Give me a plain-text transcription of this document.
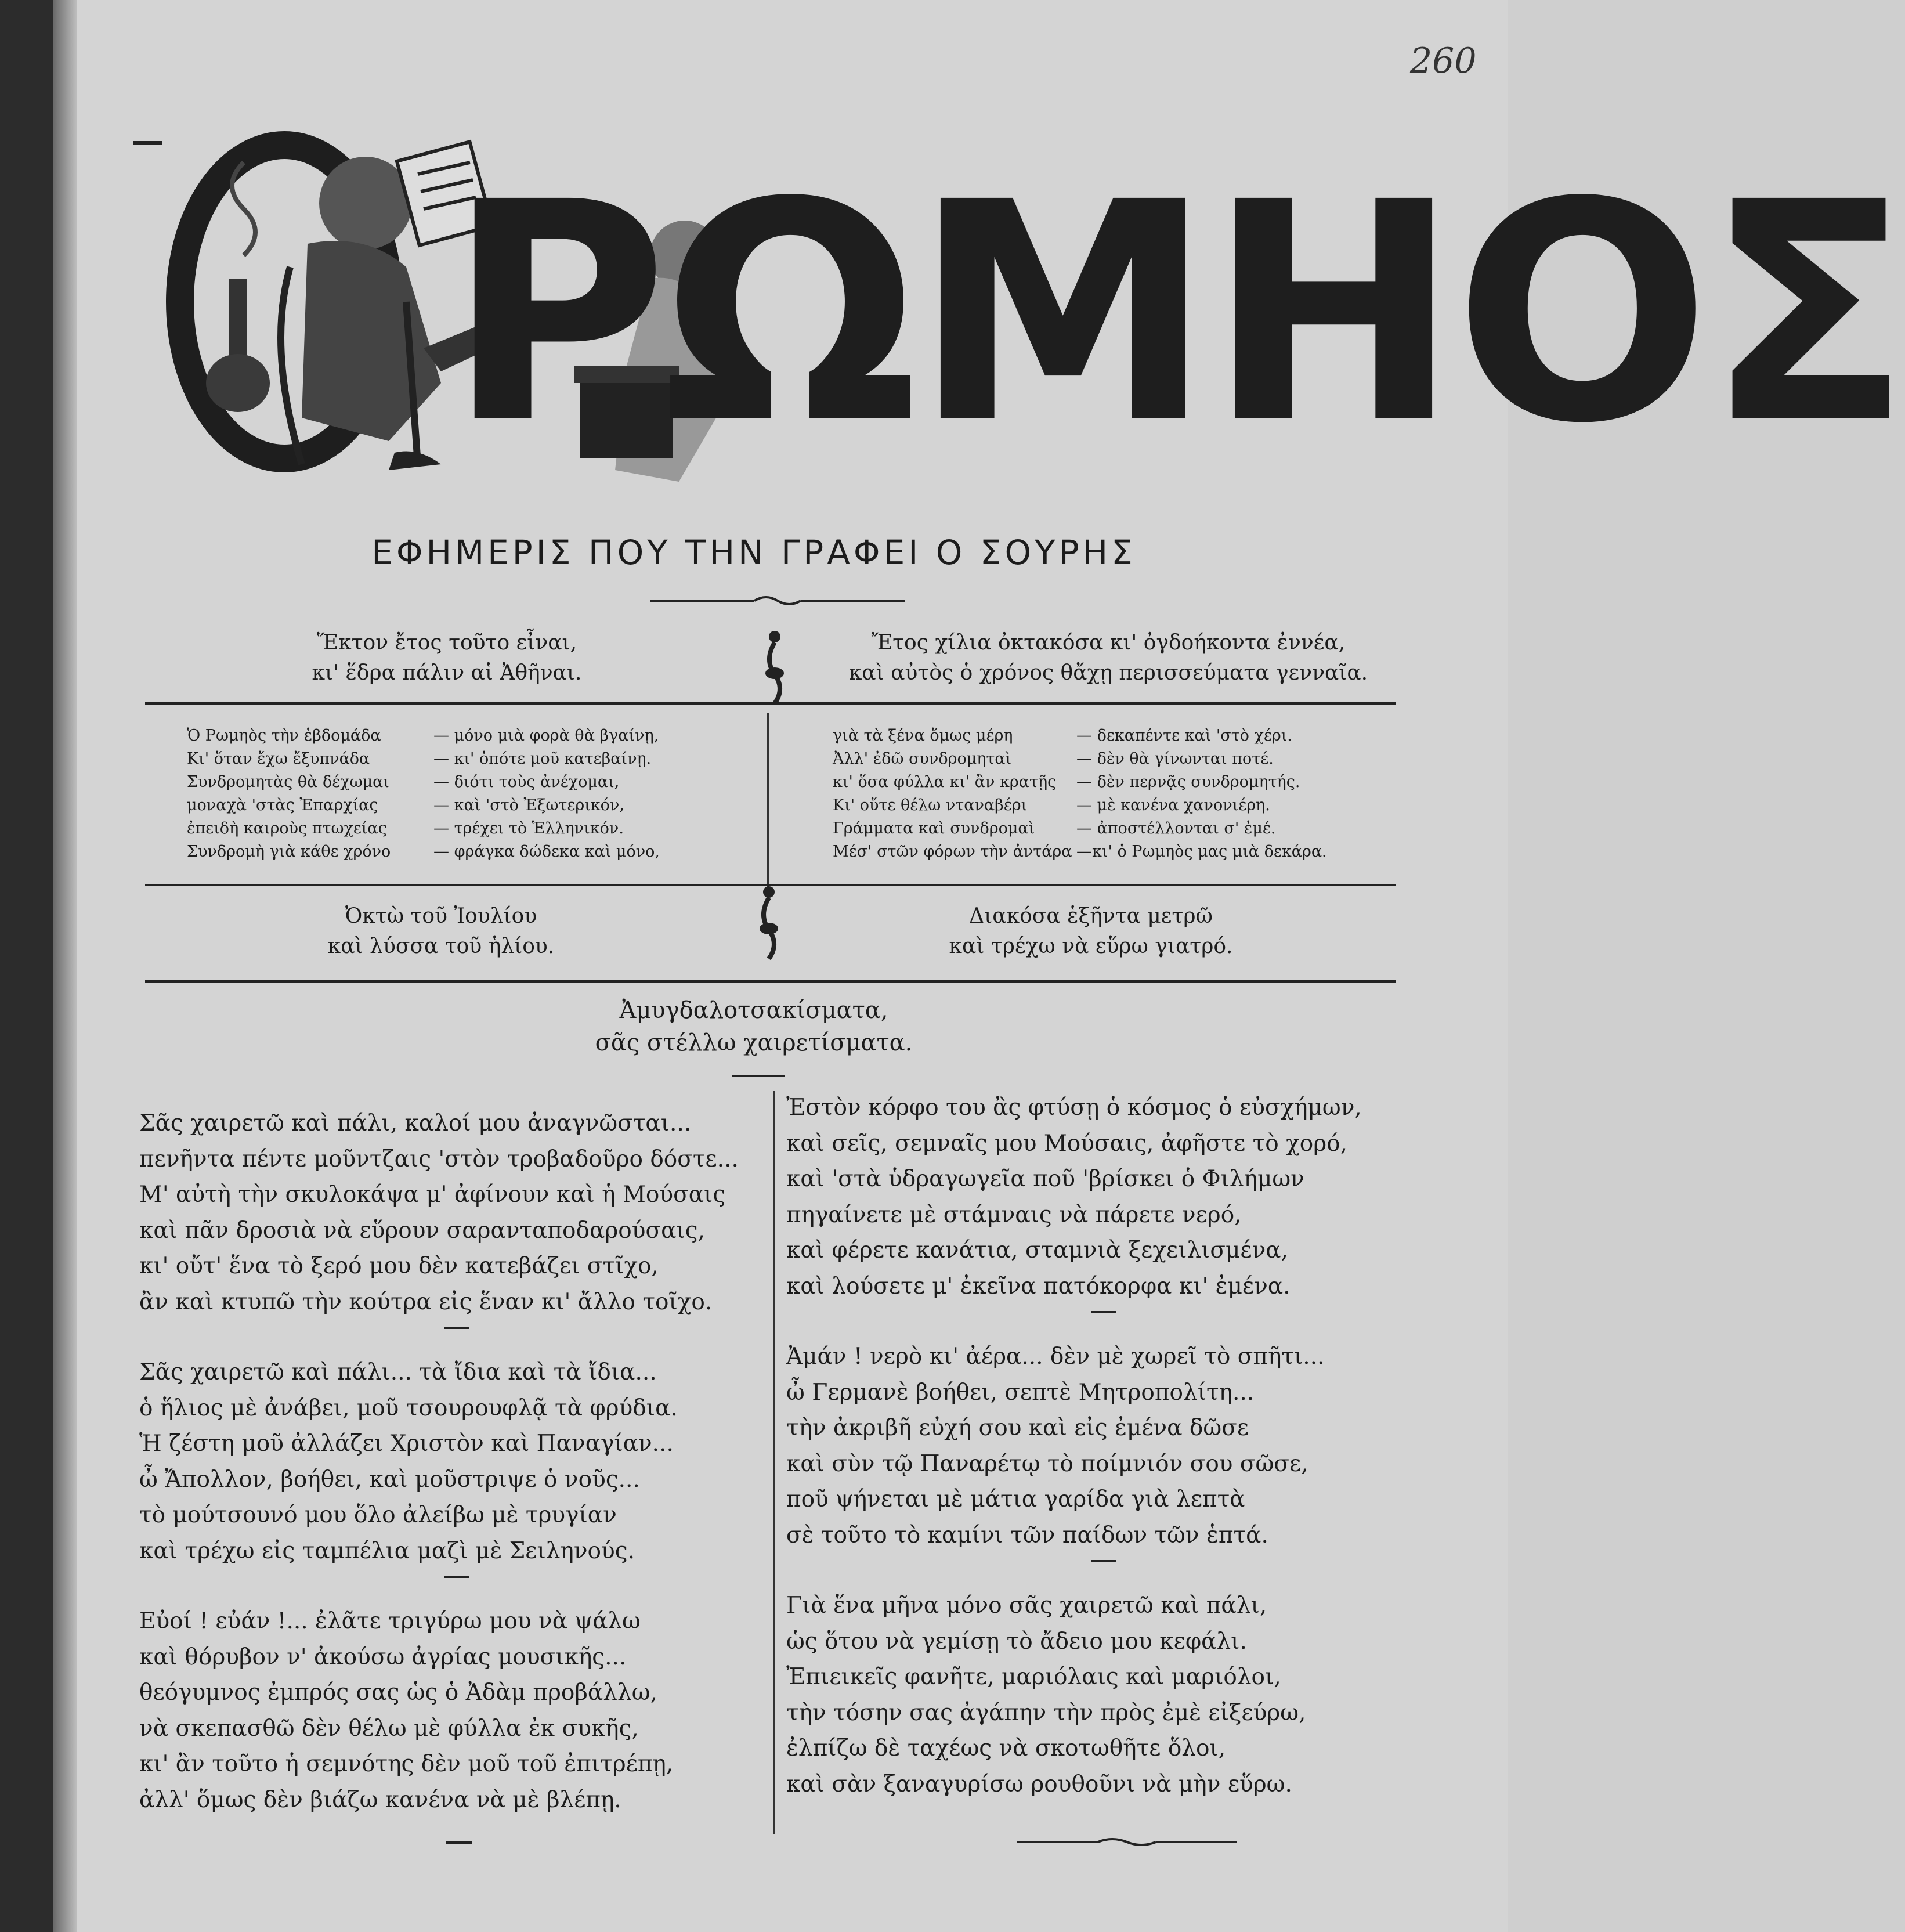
260
ΡΩΜΗΟΣ
ΕΦΗΜΕΡΙΣ ΠΟΥ ΤΗΝ ΓΡΑΦΕΙ Ο ΣΟΥΡΗΣ
Ἕκτον ἔτος τοῦτο εἶναι,
κι' ἕδρα πάλιν αἱ Ἀθῆναι.
Ἔτος χίλια ὀκτακόσα κι' ὀγδοήκοντα ἐννέα,
καὶ αὐτὸς ὁ χρόνος θἄχῃ περισσεύματα γενναῖα.
Ὁ Ρωμηὸς τὴν ἑβδομάδα	— μόνο μιὰ φορὰ θὰ βγαίνῃ,
Κι' ὅταν ἔχω ἔξυπνάδα	— κι' ὁπότε μοῦ κατεβαίνῃ.
Συνδρομητὰς θὰ δέχωμαι	— διότι τοὺς ἀνέχομαι,
μοναχὰ 'στὰς Ἐπαρχίας	— καὶ 'στὸ Ἐξωτερικόν,
ἐπειδὴ καιροὺς πτωχείας	— τρέχει τὸ Ἑλληνικόν.
Συνδρομὴ γιὰ κάθε χρόνο	— φράγκα δώδεκα καὶ μόνο,
γιὰ τὰ ξένα ὅμως μέρη	— δεκαπέντε καὶ 'στὸ χέρι.
Ἀλλ' ἐδῶ συνδρομηταὶ	— δὲν θὰ γίνωνται ποτέ.
κι' ὅσα φύλλα κι' ἂν κρατῇς — δὲν περνᾷς συνδρομητής.
Κι' οὔτε θέλω νταναβέρι	— μὲ κανένα χανονιέρη.
Γράμματα καὶ συνδρομαὶ	— ἀποστέλλονται σ' ἐμέ.
Μέσ' στῶν φόρων τὴν ἀντάρα —κι' ὁ Ρωμηὸς μας μιὰ δεκάρα.
Ὀκτὼ τοῦ Ἰουλίου
καὶ λύσσα τοῦ ἡλίου.
Διακόσα ἑξῆντα μετρῶ
καὶ τρέχω νὰ εὕρω γιατρό.
Ἀμυγδαλοτσακίσματα,
σᾶς στέλλω χαιρετίσματα.
Σᾶς χαιρετῶ καὶ πάλι, καλοί μου ἀναγνῶσται...
πενῆντα πέντε μοῦντζαις 'στὸν τροβαδοῦρο δόστε...
Μ' αὐτὴ τὴν σκυλοκάψα μ' ἀφίνουν καὶ ἡ Μούσαις
καὶ πᾶν δροσιὰ νὰ εὕρουν σαρανταποδαρούσαις,
κι' οὔτ' ἕνα τὸ ξερό μου δὲν κατεβάζει στῖχο,
ἂν καὶ κτυπῶ τὴν κούτρα εἰς ἕναν κι' ἄλλο τοῖχο.
Σᾶς χαιρετῶ καὶ πάλι... τὰ ἴδια καὶ τὰ ἴδια...
ὁ ἥλιος μὲ ἀνάβει, μοῦ τσουρουφλᾷ τὰ φρύδια.
Ἡ ζέστη μοῦ ἀλλάζει Χριστὸν καὶ Παναγίαν...
ὦ Ἄπολλον, βοήθει, καὶ μοῦστριψε ὁ νοῦς...
τὸ μούτσουνό μου ὅλο ἀλείβω μὲ τρυγίαν
καὶ τρέχω εἰς ταμπέλια μαζὶ μὲ Σειληνούς.
Εὐοί ! εὐάν !... ἐλᾶτε τριγύρω μου νὰ ψάλω
καὶ θόρυβον ν' ἀκούσω ἀγρίας μουσικῆς...
θεόγυμνος ἐμπρός σας ὡς ὁ Ἀδὰμ προβάλλω,
νὰ σκεπασθῶ δὲν θέλω μὲ φύλλα ἐκ συκῆς,
κι' ἂν τοῦτο ἡ σεμνότης δὲν μοῦ τοῦ ἐπιτρέπῃ,
ἀλλ' ὅμως δὲν βιάζω κανένα νὰ μὲ βλέπῃ.
Ἐστὸν κόρφο του ἂς φτύσῃ ὁ κόσμος ὁ εὐσχήμων,
καὶ σεῖς, σεμναῖς μου Μούσαις, ἀφῆστε τὸ χορό,
καὶ 'στὰ ὑδραγωγεῖα ποῦ 'βρίσκει ὁ Φιλήμων
πηγαίνετε μὲ στάμναις νὰ πάρετε νερό,
καὶ φέρετε κανάτια, σταμνιὰ ξεχειλισμένα,
καὶ λούσετε μ' ἐκεῖνα πατόκορφα κι' ἐμένα.
Ἀμάν ! νερὸ κι' ἀέρα... δὲν μὲ χωρεῖ τὸ σπῆτι...
ὦ Γερμανὲ βοήθει, σεπτὲ Μητροπολίτη...
τὴν ἀκριβῆ εὐχή σου καὶ εἰς ἐμένα δῶσε
καὶ σὺν τῷ Παναρέτῳ τὸ ποίμνιόν σου σῶσε,
ποῦ ψήνεται μὲ μάτια γαρίδα γιὰ λεπτὰ
σὲ τοῦτο τὸ καμίνι τῶν παίδων τῶν ἑπτά.
Γιὰ ἕνα μῆνα μόνο σᾶς χαιρετῶ καὶ πάλι,
ὡς ὅτου νὰ γεμίσῃ τὸ ἄδειο μου κεφάλι.
Ἐπιεικεῖς φανῆτε, μαριόλαις καὶ μαριόλοι,
τὴν τόσην σας ἀγάπην τὴν πρὸς ἐμὲ εἰξεύρω,
ἐλπίζω δὲ ταχέως νὰ σκοτωθῆτε ὅλοι,
καὶ σὰν ξαναγυρίσω ρουθοῦνι νὰ μὴν εὕρω.
